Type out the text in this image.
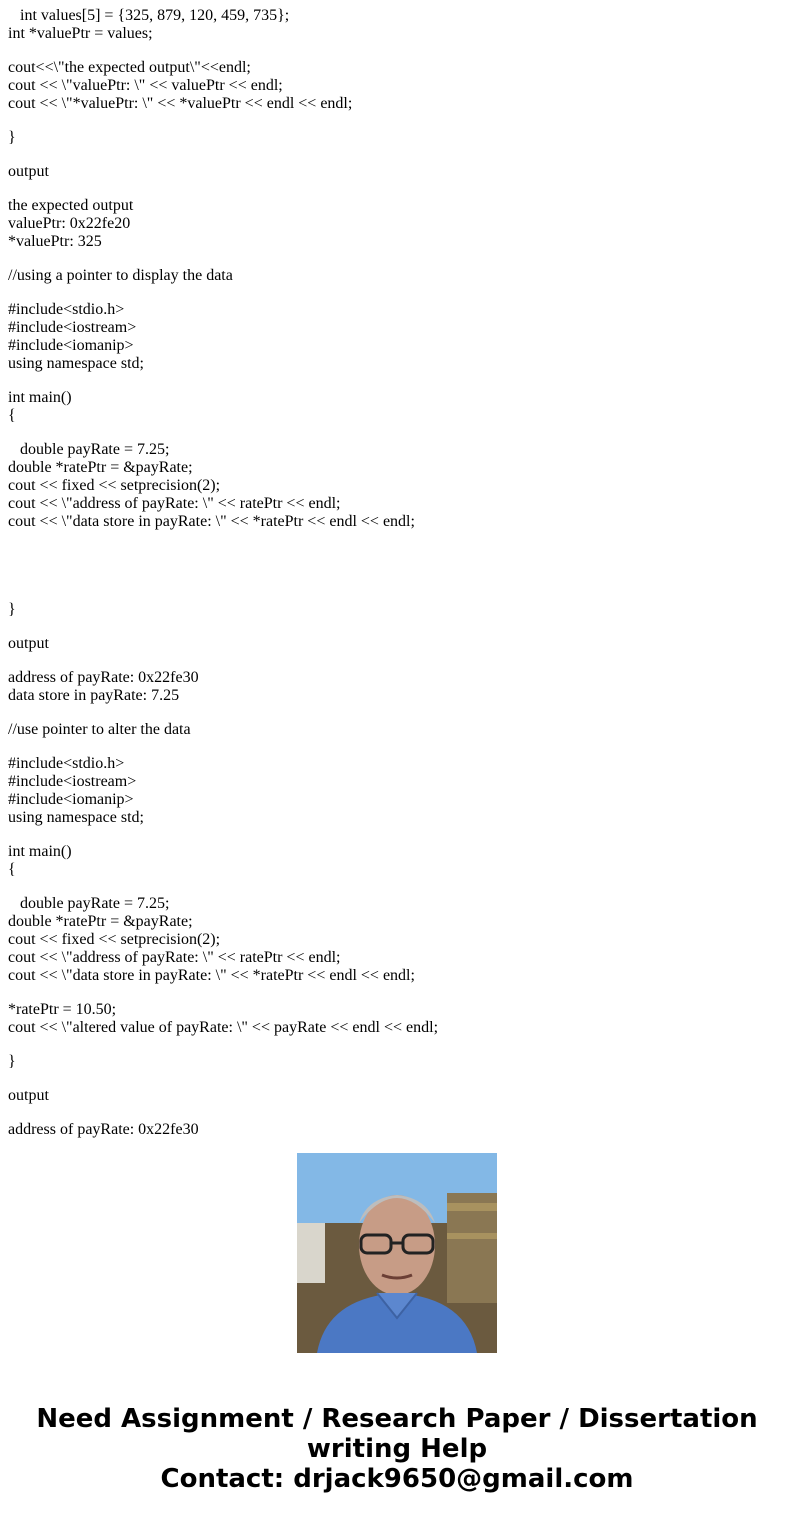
int values[5] = {325, 879, 120, 459, 735};
int *valuePtr = values;

cout<<\"the expected output\"<<endl;
cout << \"valuePtr: \" << valuePtr << endl;
cout << \"*valuePtr: \" << *valuePtr << endl << endl;

}

output

the expected output
valuePtr: 0x22fe20
*valuePtr: 325

//using a pointer to display the data

#include<stdio.h>
#include<iostream>
#include<iomanip>
using namespace std;

int main()
{

double payRate = 7.25;
double *ratePtr = &payRate;
cout << fixed << setprecision(2);
cout << \"address of payRate: \" << ratePtr << endl;
cout << \"data store in payRate: \" << *ratePtr << endl << endl;

}

output

address of payRate: 0x22fe30
data store in payRate: 7.25

//use pointer to alter the data

#include<stdio.h>
#include<iostream>
#include<iomanip>
using namespace std;

int main()
{

double payRate = 7.25;
double *ratePtr = &payRate;
cout << fixed << setprecision(2);
cout << \"address of payRate: \" << ratePtr << endl;
cout << \"data store in payRate: \" << *ratePtr << endl << endl;

*ratePtr = 10.50;
cout << \"altered value of payRate: \" << payRate << endl << endl;

}

output

address of payRate: 0x22fe30

Need Assignment / Research Paper / Dissertation
writing Help
Contact: drjack9650@gmail.com
